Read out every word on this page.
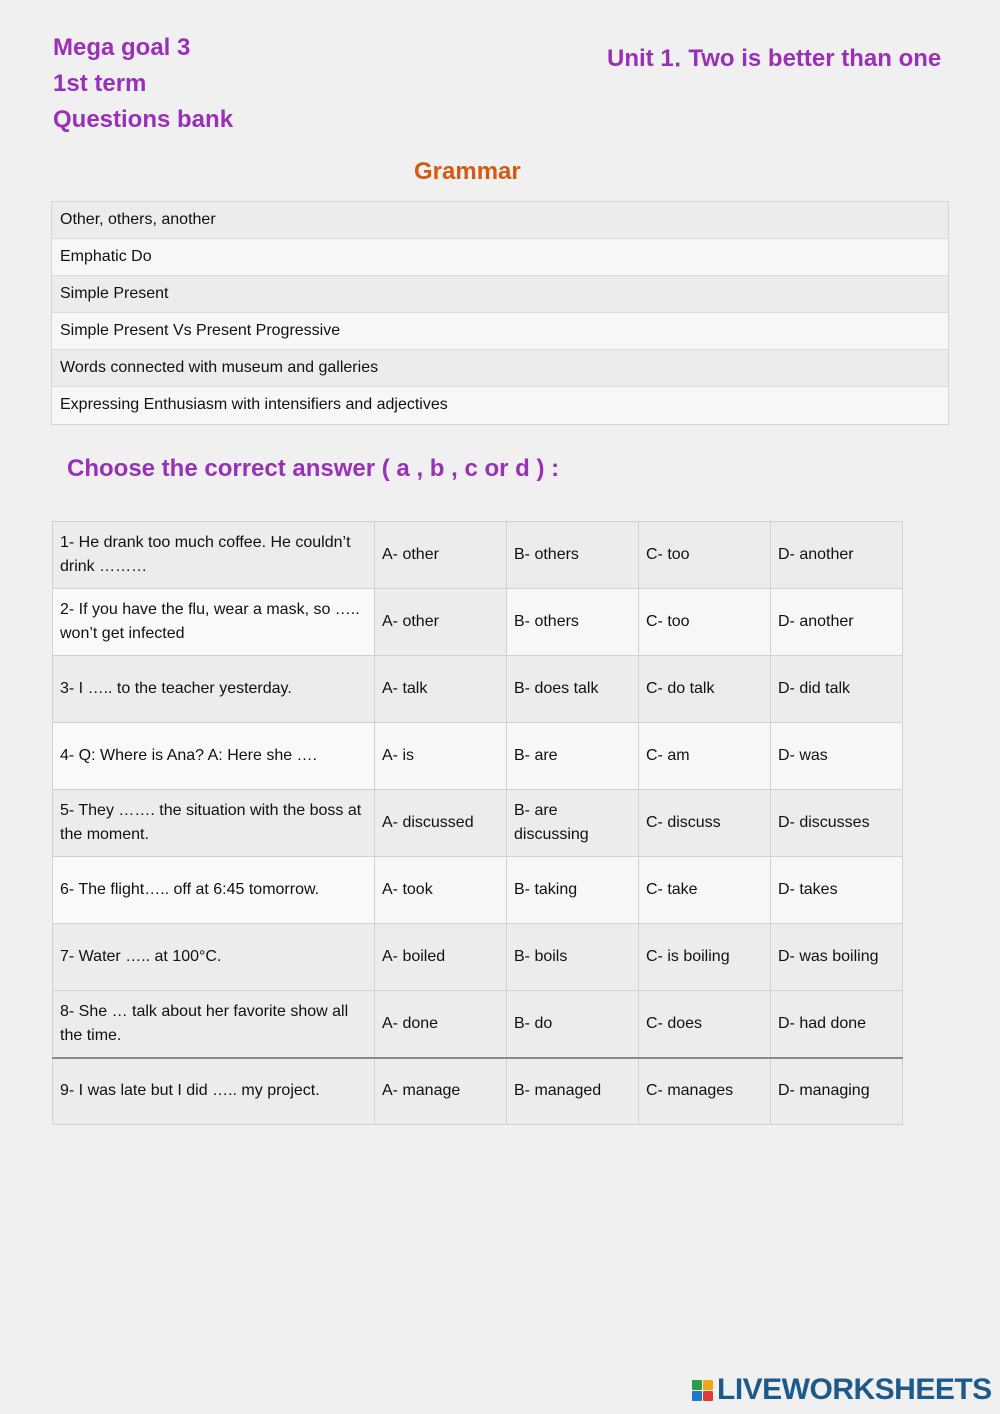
Mega goal 3
1st term
Questions bank
Unit 1․ Two is better than one
Grammar
Other, others, another
Emphatic Do
Simple Present
Simple Present Vs Present Progressive
Words connected with museum and galleries
Expressing Enthusiasm with intensifiers and adjectives
Choose the correct answer ( a , b , c or d ) :
1- He drank too much coffee. He couldn’t drink ………	A- other	B- others	C- too	D- another
2- If you have the flu, wear a mask, so ….. won’t get infected	A- other	B- others	C- too	D- another
3- I ….. to the teacher yesterday.	A- talk	B- does talk	C- do talk	D- did talk
4- Q: Where is Ana? A: Here she ….	A- is	B- are	C- am	D- was
5- They ……. the situation with the boss at the moment.	A- discussed	B- are discussing	C- discuss	D- discusses
6- The flight….. off at 6:45 tomorrow.	A- took	B- taking	C- take	D- takes
7- Water ….. at 100°C.	A- boiled	B- boils	C- is boiling	D- was boiling
8- She … talk about her favorite show all the time.	A- done	B- do	C- does	D- had done
9- I was late but I did ….. my project.	A- manage	B- managed	C- manages	D- managing
LIVEWORKSHEETS
